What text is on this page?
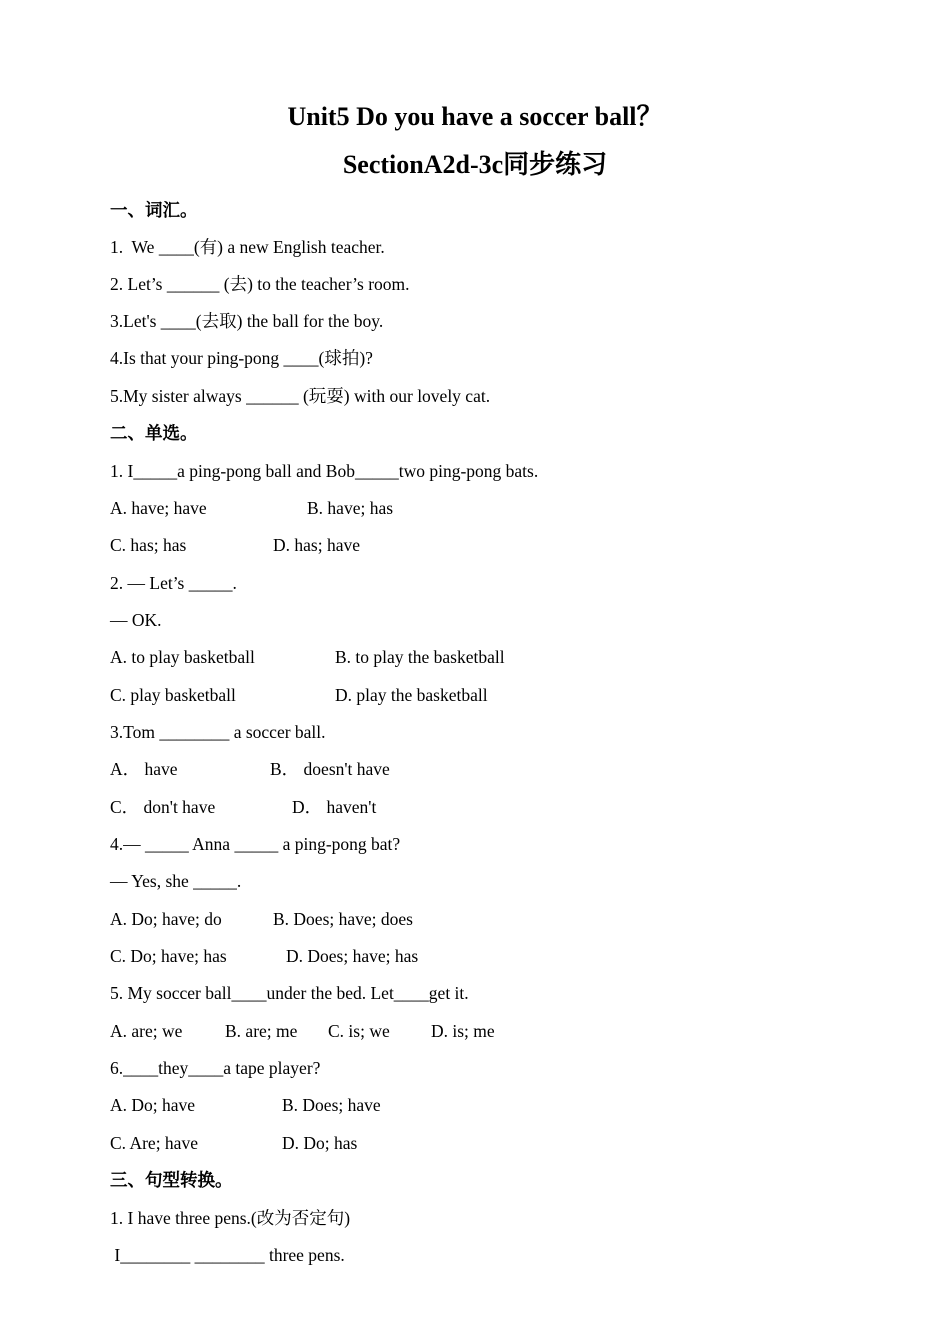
Unit5 Do you have a soccer ball？
SectionA2d-3c同步练习
一、词汇。
1.  We ____(有) a new English teacher.
2. Let’s ______ (去) to the teacher’s room.
3.Let's ____(去取) the ball for the boy.
4.Is that your ping-pong ____(球拍)?
5.My sister always ______ (玩耍) with our lovely cat.
二、单选。
1. I_____a ping-pong ball and Bob_____two ping-pong bats.
A. have; have	B. have; has
C. has; has	D. has; have
2. — Let’s _____.
— OK.
A. to play basketball	B. to play the basketball
C. play basketball	D. play the basketball
3.Tom ________ a soccer ball.
A． have	B． doesn't have
C． don't have	D． haven't
4.— _____ Anna _____ a ping-pong bat?
— Yes, she _____.
A. Do; have; do	B. Does; have; does
C. Do; have; has	D. Does; have; has
5. My soccer ball____under the bed. Let____get it.
A. are; we B. are; me C. is; we D. is; me
6.____they____a tape player?
A. Do; have	B. Does; have
C. Are; have	D. Do; has
三、句型转换。
1. I have three pens.(改为否定句)
I________ ________ three pens.
